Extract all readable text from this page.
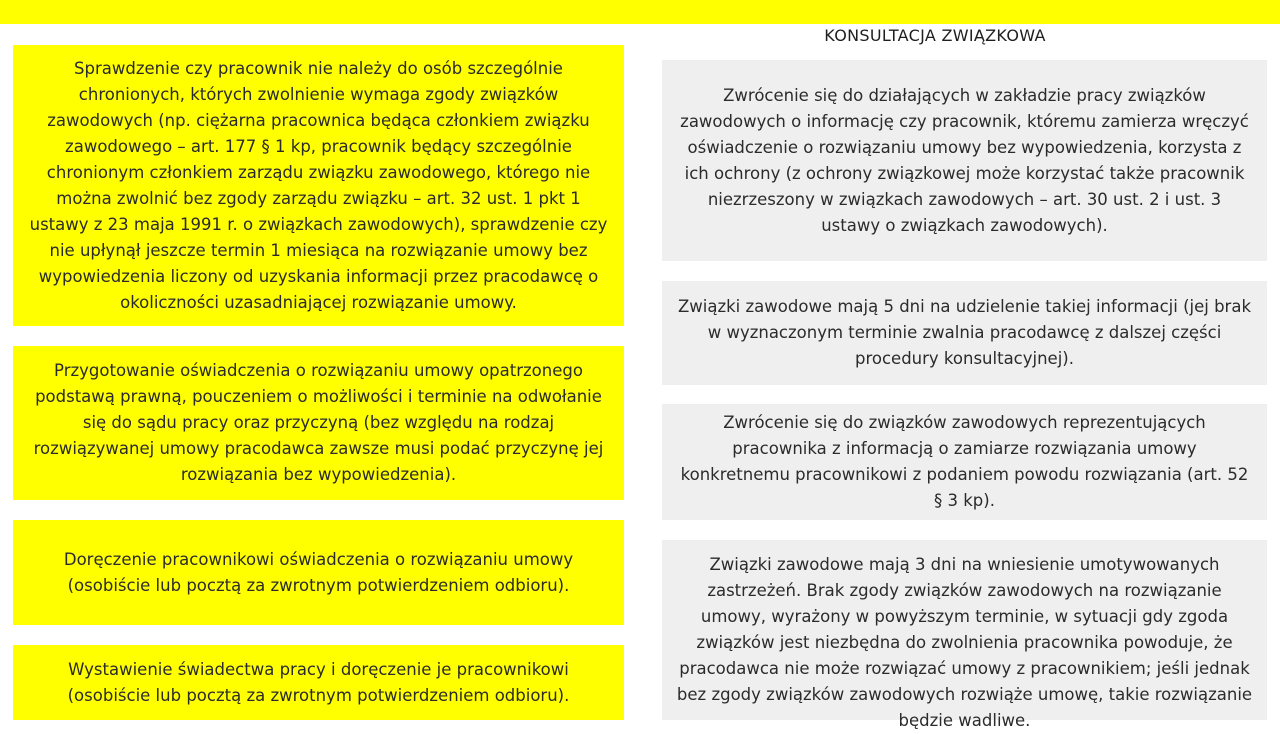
KONSULTACJA ZWIĄZKOWA

Sprawdzenie czy pracownik nie należy do osób szczególnie chronionych, których zwolnienie wymaga zgody związków zawodowych (np. ciężarna pracownica będąca członkiem związku zawodowego – art. 177 § 1 kp, pracownik będący szczególnie chronionym członkiem zarządu związku zawodowego, którego nie można zwolnić bez zgody zarządu związku – art. 32 ust. 1 pkt 1 ustawy z 23 maja 1991 r. o związkach zawodowych), sprawdzenie czy nie upłynął jeszcze termin 1 miesiąca na rozwiązanie umowy bez wypowiedzenia liczony od uzyskania informacji przez pracodawcę o okoliczności uzasadniającej rozwiązanie umowy.

Przygotowanie oświadczenia o rozwiązaniu umowy opatrzonego podstawą prawną, pouczeniem o możliwości i terminie na odwołanie się do sądu pracy oraz przyczyną (bez względu na rodzaj rozwiązywanej umowy pracodawca zawsze musi podać przyczynę jej rozwiązania bez wypowiedzenia).

Doręczenie pracownikowi oświadczenia o rozwiązaniu umowy (osobiście lub pocztą za zwrotnym potwierdzeniem odbioru).

Wystawienie świadectwa pracy i doręczenie je pracownikowi (osobiście lub pocztą za zwrotnym potwierdzeniem odbioru).

Zwrócenie się do działających w zakładzie pracy związków zawodowych o informację czy pracownik, któremu zamierza wręczyć oświadczenie o rozwiązaniu umowy bez wypowiedzenia, korzysta z ich ochrony (z ochrony związkowej może korzystać także pracownik niezrzeszony w związkach zawodowych – art. 30 ust. 2 i ust. 3 ustawy o związkach zawodowych).

Związki zawodowe mają 5 dni na udzielenie takiej informacji (jej brak w wyznaczonym terminie zwalnia pracodawcę z dalszej części procedury konsultacyjnej).

Zwrócenie się do związków zawodowych reprezentujących pracownika z informacją o zamiarze rozwiązania umowy konkretnemu pracownikowi z podaniem powodu rozwiązania (art. 52 § 3 kp).

Związki zawodowe mają 3 dni na wniesienie umotywowanych zastrzeżeń. Brak zgody związków zawodowych na rozwiązanie umowy, wyrażony w powyższym terminie, w sytuacji gdy zgoda związków jest niezbędna do zwolnienia pracownika powoduje, że pracodawca nie może rozwiązać umowy z pracownikiem; jeśli jednak bez zgody związków zawodowych rozwiąże umowę, takie rozwiązanie będzie wadliwe.
